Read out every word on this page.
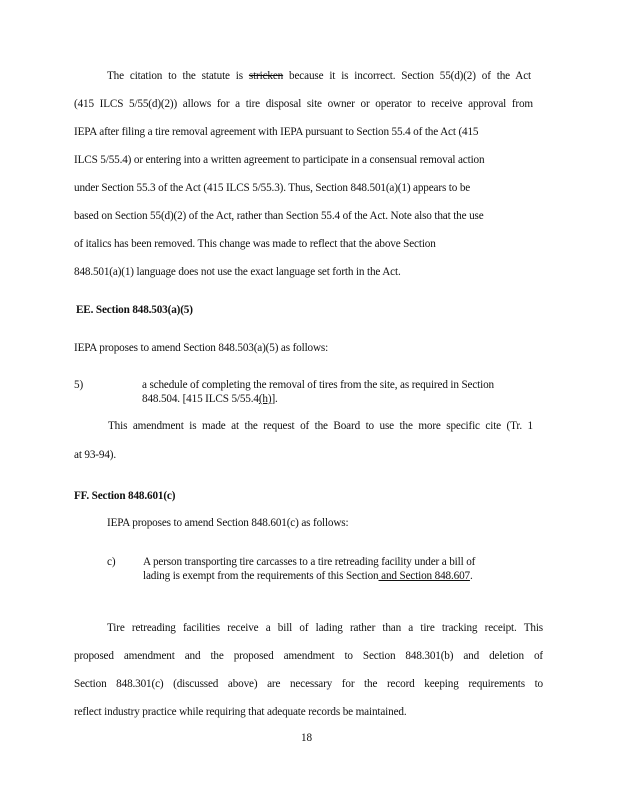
The citation to the statute is stricken because it is incorrect. Section 55(d)(2) of the Act
(415 ILCS 5/55(d)(2)) allows for a tire disposal site owner or operator to receive approval from
IEPA after filing a tire removal agreement with IEPA pursuant to Section 55.4 of the Act (415
ILCS 5/55.4) or entering into a written agreement to participate in a consensual removal action
under Section 55.3 of the Act (415 ILCS 5/55.3). Thus, Section 848.501(a)(1) appears to be
based on Section 55(d)(2) of the Act, rather than Section 55.4 of the Act. Note also that the use
of italics has been removed. This change was made to reflect that the above Section
848.501(a)(1) language does not use the exact language set forth in the Act.
EE. Section 848.503(a)(5)
IEPA proposes to amend Section 848.503(a)(5) as follows:
5)	a schedule of completing the removal of tires from the site, as required in Section
848.504. [415 ILCS 5/55.4(h)].
This amendment is made at the request of the Board to use the more specific cite (Tr. 1
at 93-94).
FF. Section 848.601(c)
IEPA proposes to amend Section 848.601(c) as follows:
c) A person transporting tire carcasses to a tire retreading facility under a bill of
lading is exempt from the requirements of this Section and Section 848.607.
Tire retreading facilities receive a bill of lading rather than a tire tracking receipt. This
proposed amendment and the proposed amendment to Section 848.301(b) and deletion of
Section 848.301(c) (discussed above) are necessary for the record keeping requirements to
reflect industry practice while requiring that adequate records be maintained.
18
